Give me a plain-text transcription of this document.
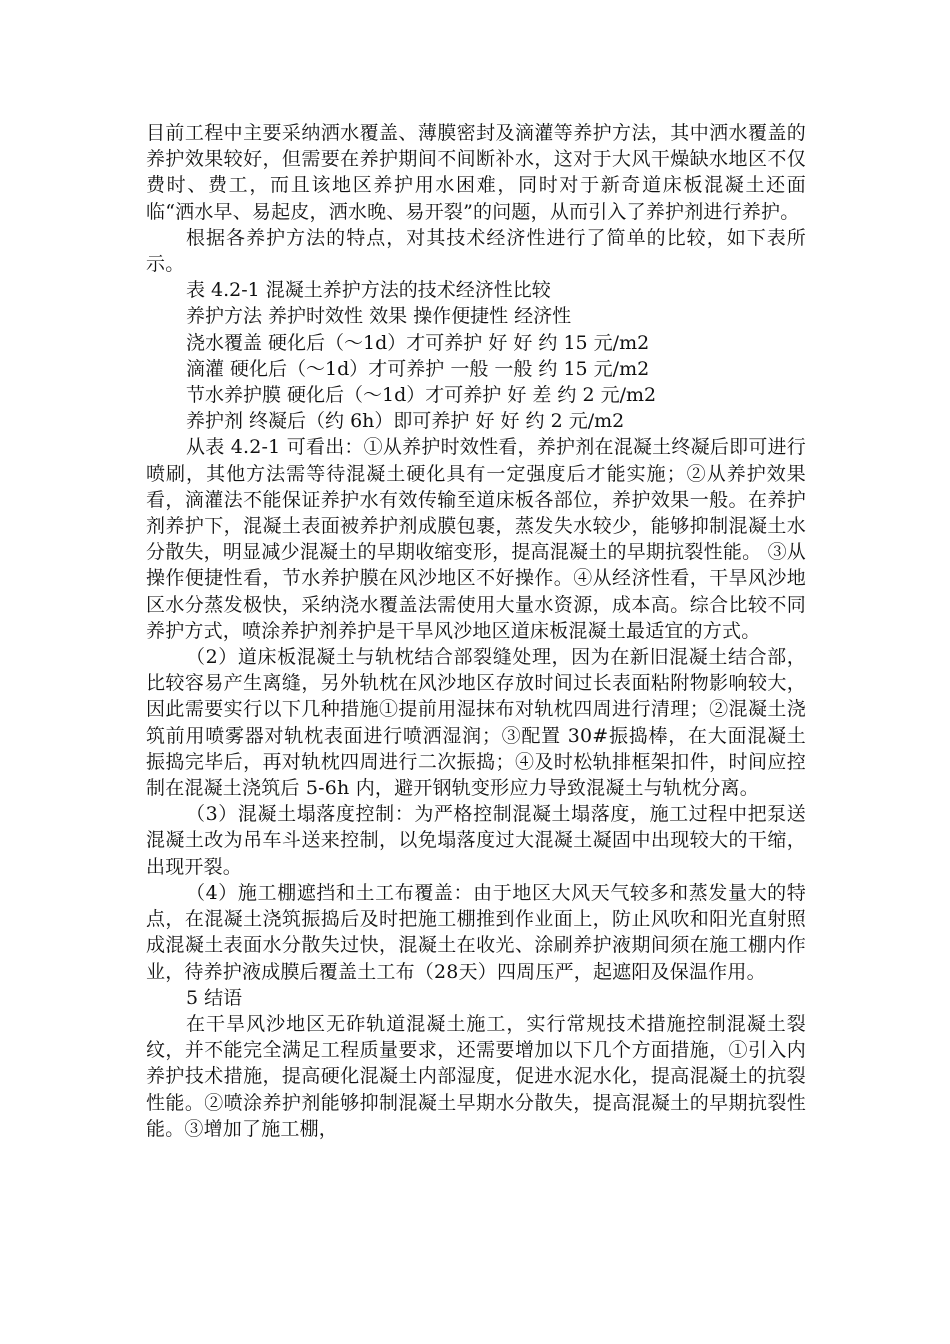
目前工程中主要采纳洒水覆盖、薄膜密封及滴灌等养护方法，其中洒水覆盖的养护效果较好，但需要在养护期间不间断补水，这对于大风干燥缺水地区不仅费时、费工，而且该地区养护用水困难，同时对于新奇道床板混凝土还面临“洒水早、易起皮，洒水晚、易开裂”的问题，从而引入了养护剂进行养护。

根据各养护方法的特点，对其技术经济性进行了简单的比较，如下表所示。

表 4.2-1 混凝土养护方法的技术经济性比较

养护方法 养护时效性 效果 操作便捷性 经济性

浇水覆盖 硬化后（～1d）才可养护 好 好 约 15 元/m2

滴灌 硬化后（～1d）才可养护 一般 一般 约 15 元/m2

节水养护膜 硬化后（～1d）才可养护 好 差 约 2 元/m2

养护剂 终凝后（约 6h）即可养护 好 好 约 2 元/m2

从表 4.2-1 可看出：①从养护时效性看，养护剂在混凝土终凝后即可进行喷刷，其他方法需等待混凝土硬化具有一定强度后才能实施；②从养护效果看，滴灌法不能保证养护水有效传输至道床板各部位，养护效果一般。在养护剂养护下，混凝土表面被养护剂成膜包裹，蒸发失水较少，能够抑制混凝土水分散失，明显减少混凝土的早期收缩变形，提高混凝土的早期抗裂性能。 ③从操作便捷性看，节水养护膜在风沙地区不好操作。④从经济性看，干旱风沙地区水分蒸发极快，采纳浇水覆盖法需使用大量水资源，成本高。综合比较不同养护方式，喷涂养护剂养护是干旱风沙地区道床板混凝土最适宜的方式。

（2）道床板混凝土与轨枕结合部裂缝处理，因为在新旧混凝土结合部，比较容易产生离缝，另外轨枕在风沙地区存放时间过长表面粘附物影响较大，因此需要实行以下几种措施①提前用湿抹布对轨枕四周进行清理；②混凝土浇筑前用喷雾器对轨枕表面进行喷洒湿润；③配置 30#振捣棒，在大面混凝土振捣完毕后，再对轨枕四周进行二次振捣；④及时松轨排框架扣件，时间应控制在混凝土浇筑后 5-6h 内，避开钢轨变形应力导致混凝土与轨枕分离。

（3）混凝土塌落度控制：为严格控制混凝土塌落度，施工过程中把泵送混凝土改为吊车斗送来控制，以免塌落度过大混凝土凝固中出现较大的干缩，出现开裂。

（4）施工棚遮挡和土工布覆盖：由于地区大风天气较多和蒸发量大的特点，在混凝土浇筑振捣后及时把施工棚推到作业面上，防止风吹和阳光直射照成混凝土表面水分散失过快，混凝土在收光、涂刷养护液期间须在施工棚内作业，待养护液成膜后覆盖土工布（28天）四周压严，起遮阳及保温作用。

5 结语

在干旱风沙地区无砟轨道混凝土施工，实行常规技术措施控制混凝土裂纹，并不能完全满足工程质量要求，还需要增加以下几个方面措施，①引入内养护技术措施，提高硬化混凝土内部湿度，促进水泥水化，提高混凝土的抗裂性能。②喷涂养护剂能够抑制混凝土早期水分散失，提高混凝土的早期抗裂性能。③增加了施工棚，
